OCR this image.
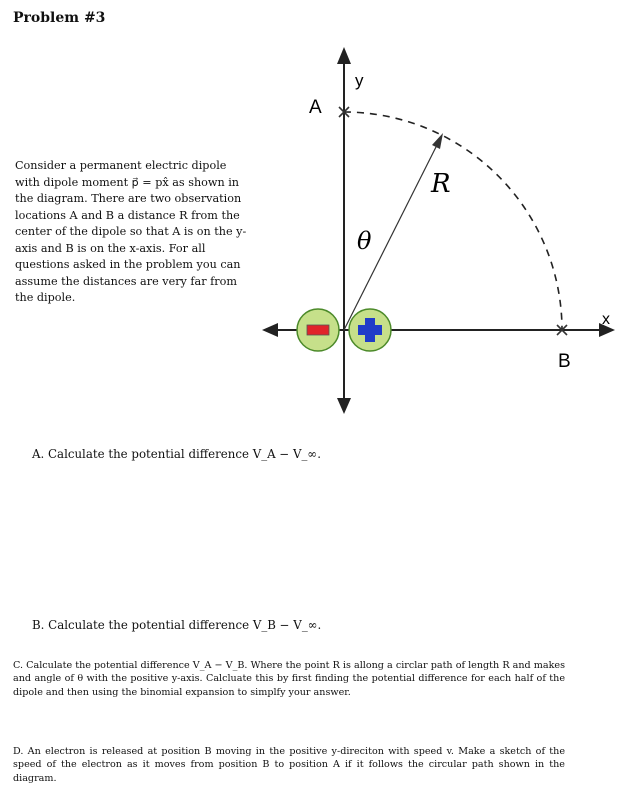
Problem #3
Consider a permanent electric dipole with dipole moment p⃗ = px̂ as shown in the diagram. There are two observation locations A and B a distance R from the center of the dipole so that A is on the y-axis and B is on the x-axis. For all questions asked in the problem you can assume the distances are very far from the dipole.
y
x
A
B
R
θ
A. Calculate the potential difference V_A − V_∞.
B. Calculate the potential difference V_B − V_∞.
C. Calculate the potential difference V_A − V_B. Where the point R is allong a circlar path of length R and makes and angle of θ with the positive y-axis. Calcluate this by first finding the potential difference for each half of the dipole and then using the binomial expansion to simplfy your answer.
D. An electron is released at position B moving in the positive y-direciton with speed v. Make a sketch of the speed of the electron as it moves from position B to position A if it follows the circular path shown in the diagram.
